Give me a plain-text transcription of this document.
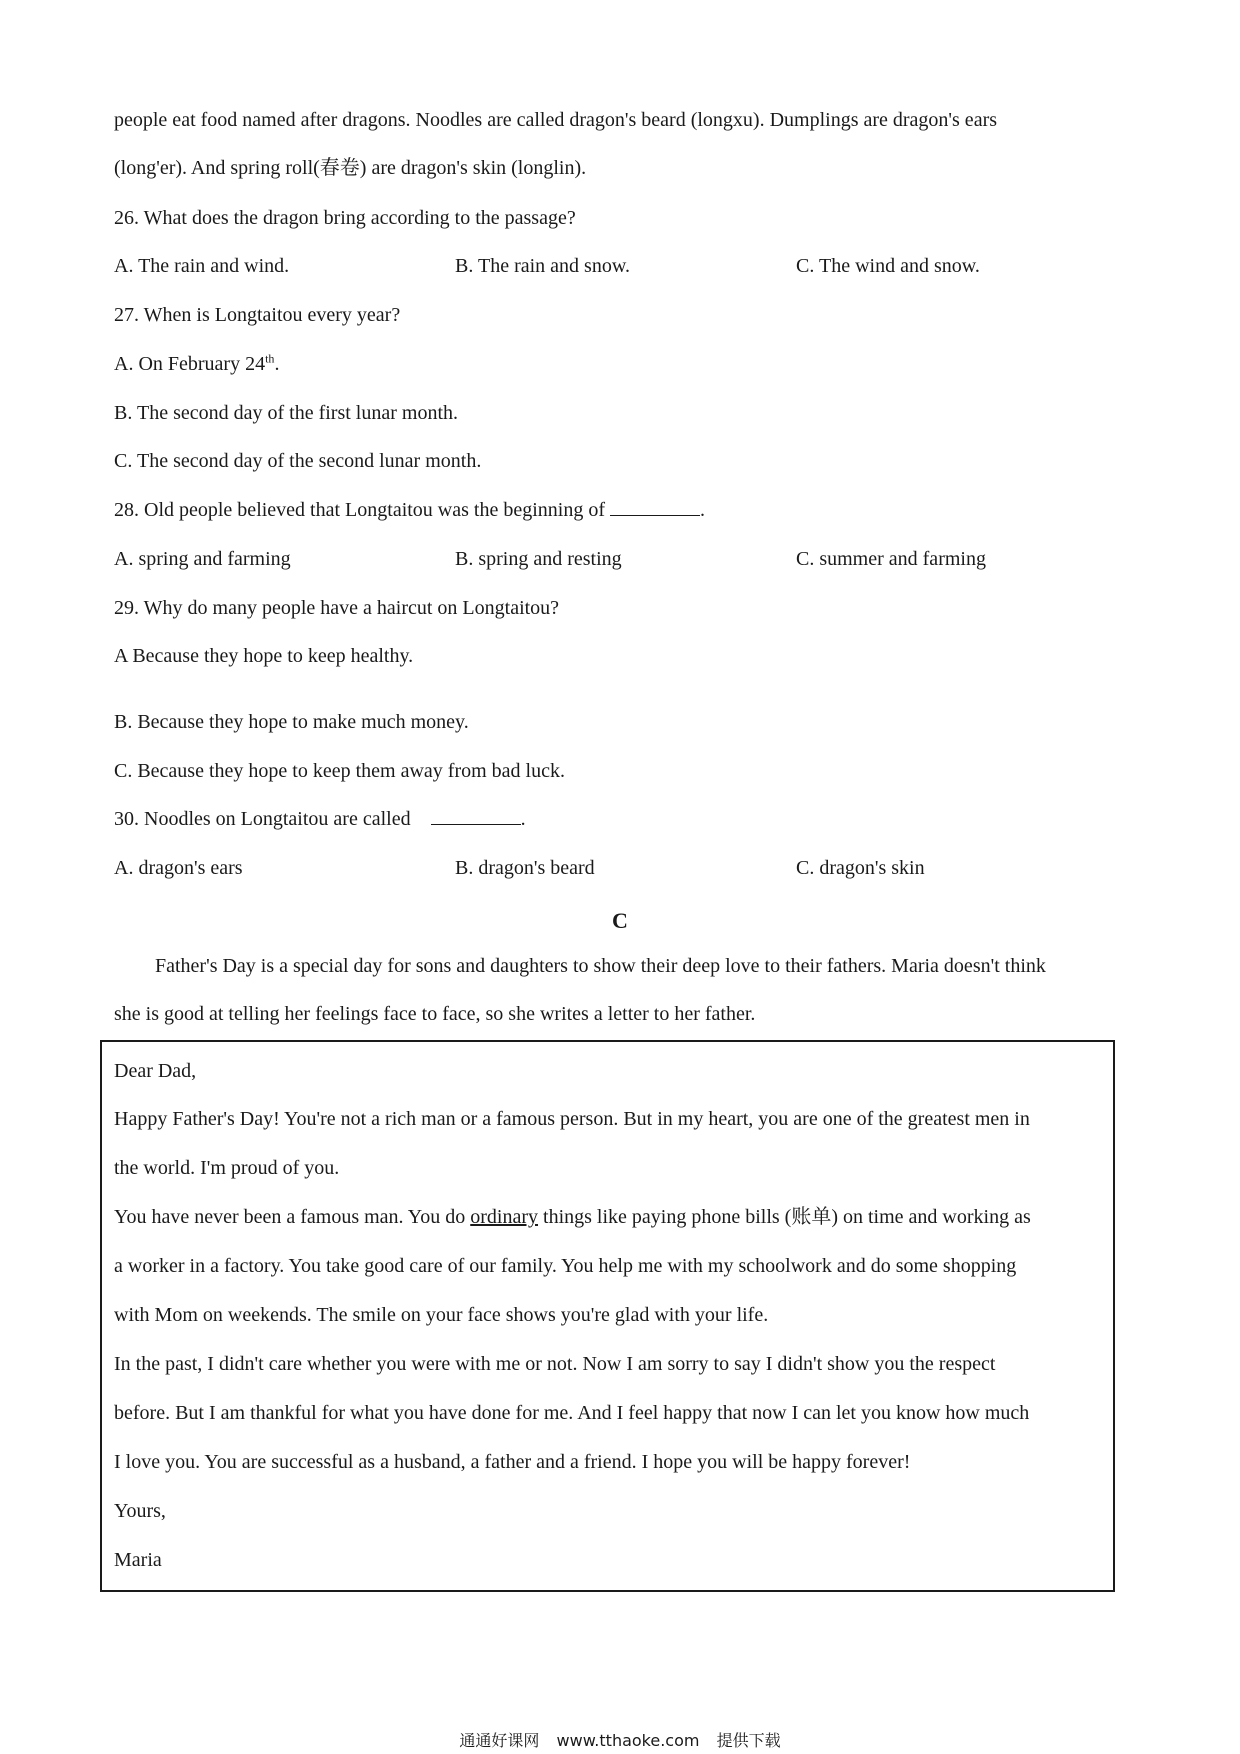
people eat food named after dragons. Noodles are called dragon's beard (longxu). Dumplings are dragon's ears
(long'er). And spring roll(春卷) are dragon's skin (longlin).
26. What does the dragon bring according to the passage?
A. The rain and wind.	B. The rain and snow.	C. The wind and snow.
27. When is Longtaitou every year?
A. On February 24th.
B. The second day of the first lunar month.
C. The second day of the second lunar month.
28. Old people believed that Longtaitou was the beginning of	.
A. spring and farming	B. spring and resting	C. summer and farming
29. Why do many people have a haircut on Longtaitou?
A Because they hope to keep healthy.
B. Because they hope to make much money.
C. Because they hope to keep them away from bad luck.
30. Noodles on Longtaitou are called	.
A. dragon's ears	B. dragon's beard	C. dragon's skin
C
Father's Day is a special day for sons and daughters to show their deep love to their fathers. Maria doesn't think
she is good at telling her feelings face to face, so she writes a letter to her father.
Dear Dad,
Happy Father's Day! You're not a rich man or a famous person. But in my heart, you are one of the greatest men in
the world. I'm proud of you.
You have never been a famous man. You do ordinary things like paying phone bills (账单) on time and working as
a worker in a factory. You take good care of our family. You help me with my schoolwork and do some shopping
with Mom on weekends. The smile on your face shows you're glad with your life.
In the past, I didn't care whether you were with me or not. Now I am sorry to say I didn't show you the respect
before. But I am thankful for what you have done for me. And I feel happy that now I can let you know how much
I love you. You are successful as a husband, a father and a friend. I hope you will be happy forever!
Yours,
Maria
通通好课网 www.tthaoke.com 提供下载
